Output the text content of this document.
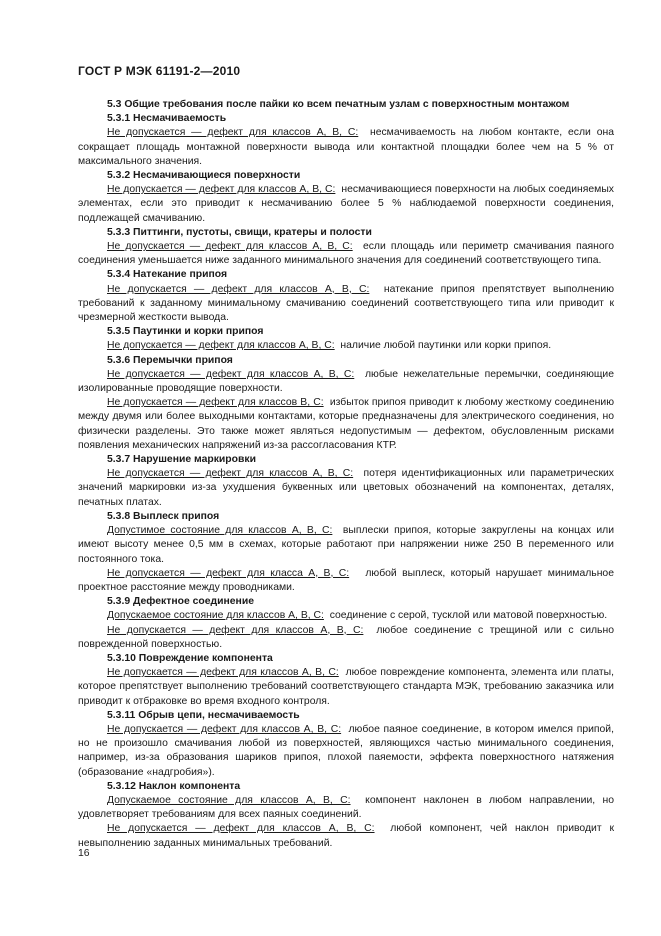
ГОСТ Р МЭК 61191-2—2010
5.3 Общие требования после пайки ко всем печатным узлам с поверхностным монтажом
5.3.1 Несмачиваемость
Не допускается — дефект для классов А, В, С:  несмачиваемость на любом контакте, если она сокращает площадь монтажной поверхности вывода или контактной площадки более чем на 5 % от максимального значения.
5.3.2 Несмачивающиеся поверхности
Не допускается — дефект для классов А, В, С:  несмачивающиеся поверхности на любых соединяемых элементах, если это приводит к несмачиванию более 5 % наблюдаемой поверхности соединения, подлежащей смачиванию.
5.3.3 Питтинги, пустоты, свищи, кратеры и полости
Не допускается — дефект для классов А, В, С:  если площадь или периметр смачивания паяного соединения уменьшается ниже заданного минимального значения для соединений соответствующего типа.
5.3.4 Натекание припоя
Не допускается — дефект для классов А, В, С:  натекание припоя препятствует выполнению требований к заданному минимальному смачиванию соединений соответствующего типа или приводит к чрезмерной жесткости вывода.
5.3.5 Паутинки и корки припоя
Не допускается — дефект для классов А, В, С:  наличие любой паутинки или корки припоя.
5.3.6 Перемычки припоя
Не допускается — дефект для классов А, В, С:  любые нежелательные перемычки, соединяющие изолированные проводящие поверхности.
Не допускается — дефект для классов В, С:  избыток припоя приводит к любому жесткому соединению между двумя или более выходными контактами, которые предназначены для электрического соединения, но физически разделены. Это также может являться недопустимым — дефектом, обусловленным рисками появления механических напряжений из-за рассогласования КТР.
5.3.7 Нарушение маркировки
Не допускается — дефект для классов А, В, С:  потеря идентификационных или параметрических значений маркировки из-за ухудшения буквенных или цветовых обозначений на компонентах, деталях, печатных платах.
5.3.8 Выплеск припоя
Допустимое состояние для классов А, В, С:  выплески припоя, которые закруглены на концах или имеют высоту менее 0,5 мм в схемах, которые работают при напряжении ниже 250 В переменного или постоянного тока.
Не допускается — дефект для класса А, В, С:   любой выплеск, который нарушает минимальное проектное расстояние между проводниками.
5.3.9 Дефектное соединение
Допускаемое состояние для классов А, В, С:  соединение с серой, тусклой или матовой поверхностью.
Не допускается — дефект для классов А, В, С:  любое соединение с трещиной или с сильно поврежденной поверхностью.
5.3.10 Повреждение компонента
Не допускается — дефект для классов А, В, С:  любое повреждение компонента, элемента или платы, которое препятствует выполнению требований соответствующего стандарта МЭК, требованию заказчика или приводит к отбраковке во время входного контроля.
5.3.11 Обрыв цепи, несмачиваемость
Не допускается — дефект для классов А, В, С:  любое паяное соединение, в котором имелся припой, но не произошло смачивания любой из поверхностей, являющихся частью минимального соединения, например, из-за образования шариков припоя, плохой паяемости, эффекта поверхностного натяжения (образование «надгробия»).
5.3.12 Наклон компонента
Допускаемое состояние для классов А, В, С:  компонент наклонен в любом направлении, но удовлетворяет требованиям для всех паяных соединений.
Не допускается — дефект для классов А, В, С:  любой компонент, чей наклон приводит к невыполнению заданных минимальных требований.
16
